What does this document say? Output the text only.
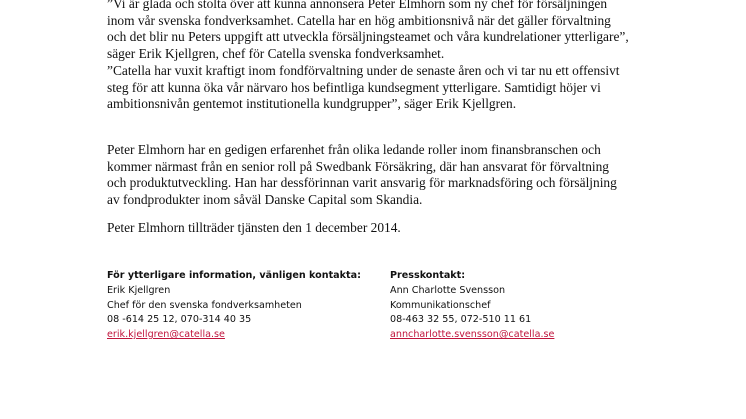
”Vi är glada och stolta över att kunna annonsera Peter Elmhorn som ny chef för försäljningen
inom vår svenska fondverksamhet. Catella har en hög ambitionsnivå när det gäller förvaltning
och det blir nu Peters uppgift att utveckla försäljningsteamet och våra kundrelationer ytterligare”,
säger Erik Kjellgren, chef för Catella svenska fondverksamhet.

”Catella har vuxit kraftigt inom fondförvaltning under de senaste åren och vi tar nu ett offensivt
steg för att kunna öka vår närvaro hos befintliga kundsegment ytterligare. Samtidigt höjer vi
ambitionsnivån gentemot institutionella kundgrupper”, säger Erik Kjellgren.

Peter Elmhorn har en gedigen erfarenhet från olika ledande roller inom finansbranschen och
kommer närmast från en senior roll på Swedbank Försäkring, där han ansvarat för förvaltning
och produktutveckling. Han har dessförinnan varit ansvarig för marknadsföring och försäljning
av fondprodukter inom såväl Danske Capital som Skandia.

Peter Elmhorn tillträder tjänsten den 1 december 2014.

För ytterligare information, vänligen kontakta:
Erik Kjellgren
Chef för den svenska fondverksamheten
08 -614 25 12, 070-314 40 35
erik.kjellgren@catella.se
Presskontakt:
Ann Charlotte Svensson
Kommunikationschef
08-463 32 55, 072-510 11 61
anncharlotte.svensson@catella.se
